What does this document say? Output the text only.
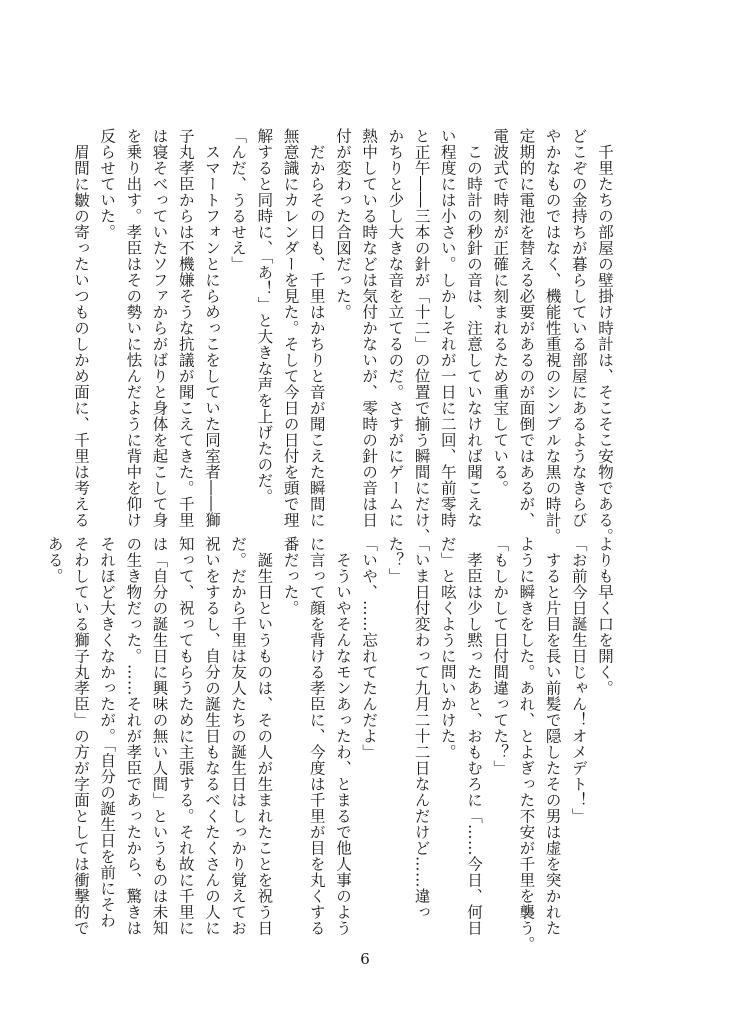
　千里たちの部屋の壁掛け時計は、そこそこ安物である。
どこぞの金持ちが暮らしている部屋にあるようなきらび
やかなものではなく、機能性重視のシンプルな黒の時計。
定期的に電池を替える必要があるのが面倒ではあるが、
電波式で時刻が正確に刻まれるため重宝している。
　この時計の秒針の音は、注意していなければ聞こえな
い程度には小さい。しかしそれが一日に二回、午前零時
と正午――三本の針が「十二」の位置で揃う瞬間にだけ、
かちりと少し大きな音を立てるのだ。さすがにゲームに
熱中している時などは気付かないが、零時の針の音は日
付が変わった合図だった。
　だからその日も、千里はかちりと音が聞こえた瞬間に
無意識にカレンダーを見た。そして今日の日付を頭で理
解すると同時に、「あ！」と大きな声を上げたのだ。
「んだ、うるせえ」
　スマートフォンとにらめっこをしていた同室者――獅
子丸孝臣からは不機嫌そうな抗議が聞こえてきた。千里
は寝そべっていたソファからがばりと身体を起こして身
を乗り出す。孝臣はその勢いに怯んだように背中を仰け
反らせていた。
　眉間に皺の寄ったいつものしかめ面に、千里は考える
よりも早く口を開く。
「お前今日誕生日じゃん！オメデト！」
　すると片目を長い前髪で隠したその男は虚を突かれた
ように瞬きをした。あれ、とよぎった不安が千里を襲う。
「もしかして日付間違ってた？」
　孝臣は少し黙ったあと、おもむろに「……今日、何日
だ」と呟くように問いかけた。
「いま日付変わって九月二十二日なんだけど……違っ
た？」
「いや、……忘れてたんだよ」
　そういやそんなモンあったわ、とまるで他人事のよう
に言って顔を背ける孝臣に、今度は千里が目を丸くする
番だった。
　誕生日というものは、その人が生まれたことを祝う日
だ。だから千里は友人たちの誕生日はしっかり覚えてお
祝いをするし、自分の誕生日もなるべくたくさんの人に
知って、祝ってもらうために主張する。それ故に千里に
は「自分の誕生日に興味の無い人間」というものは未知
の生き物だった。……それが孝臣であったから、驚きは
それほど大きくなかったが。「自分の誕生日を前にそわ
そわしている獅子丸孝臣」の方が字面としては衝撃的で
ある。
6
